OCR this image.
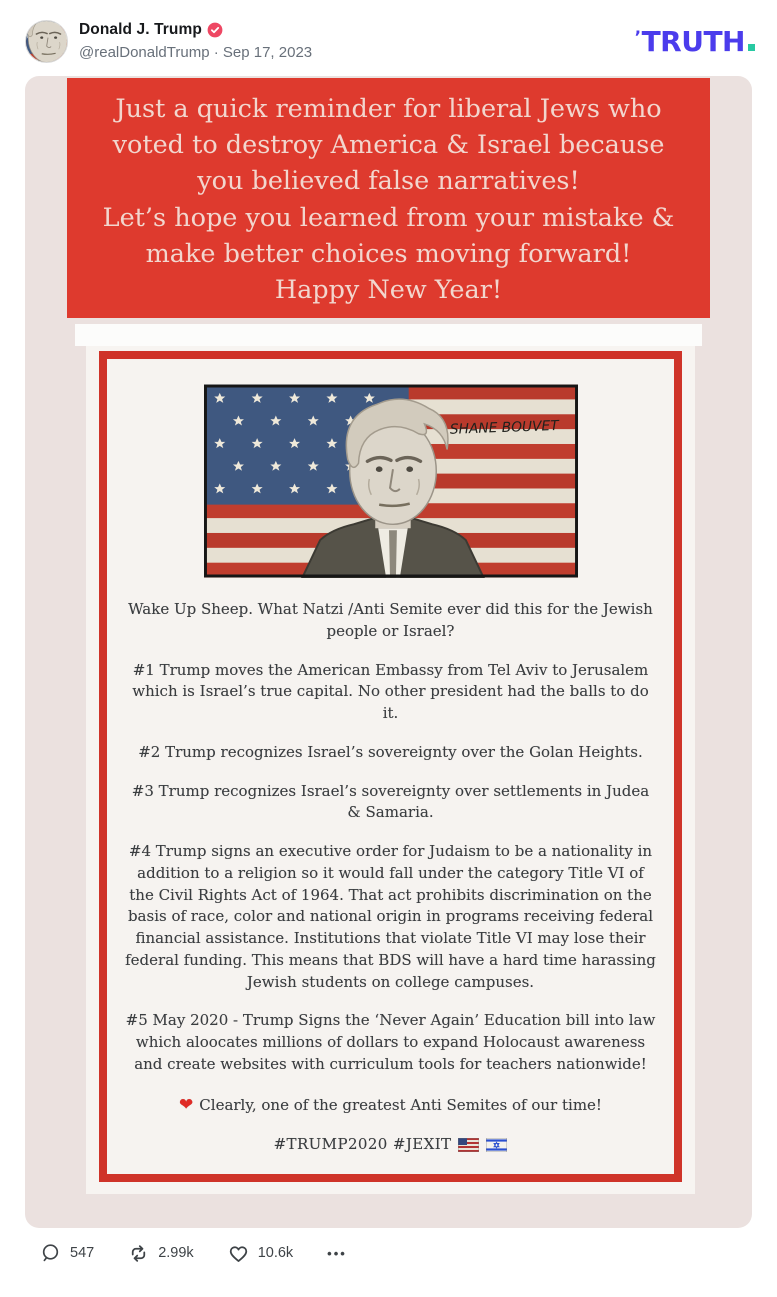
Donald J. Trump
@realDonaldTrump · Sep 17, 2023
’ TRUTH

Just a quick reminder for liberal Jews who voted to destroy America & Israel because you believed false narratives!

Let’s hope you learned from your mistake & make better choices moving forward!

Happy New Year!

SHANE BOUVET

Wake Up Sheep. What Natzi /Anti Semite ever did this for the Jewish people or Israel?

#1 Trump moves the American Embassy from Tel Aviv to Jerusalem which is Israel’s true capital. No other president had the balls to do it.

#2 Trump recognizes Israel’s sovereignty over the Golan Heights.

#3 Trump recognizes Israel’s sovereignty over settlements in Judea & Samaria.

#4 Trump signs an executive order for Judaism to be a nationality in addition to a religion so it would fall under the category Title VI of the Civil Rights Act of 1964. That act prohibits discrimination on the basis of race, color and national origin in programs receiving federal financial assistance. Institutions that violate Title VI may lose their federal funding. This means that BDS will have a hard time harassing Jewish students on college campuses.

#5 May 2020 - Trump Signs the ‘Never Again’ Education bill into law which aloocates millions of dollars to expand Holocaust awareness and create websites with curriculum tools for teachers nationwide!

❤ Clearly, one of the greatest Anti Semites of our time!

#TRUMP2020 #JEXIT

547	2.99k	10.6k	•••
